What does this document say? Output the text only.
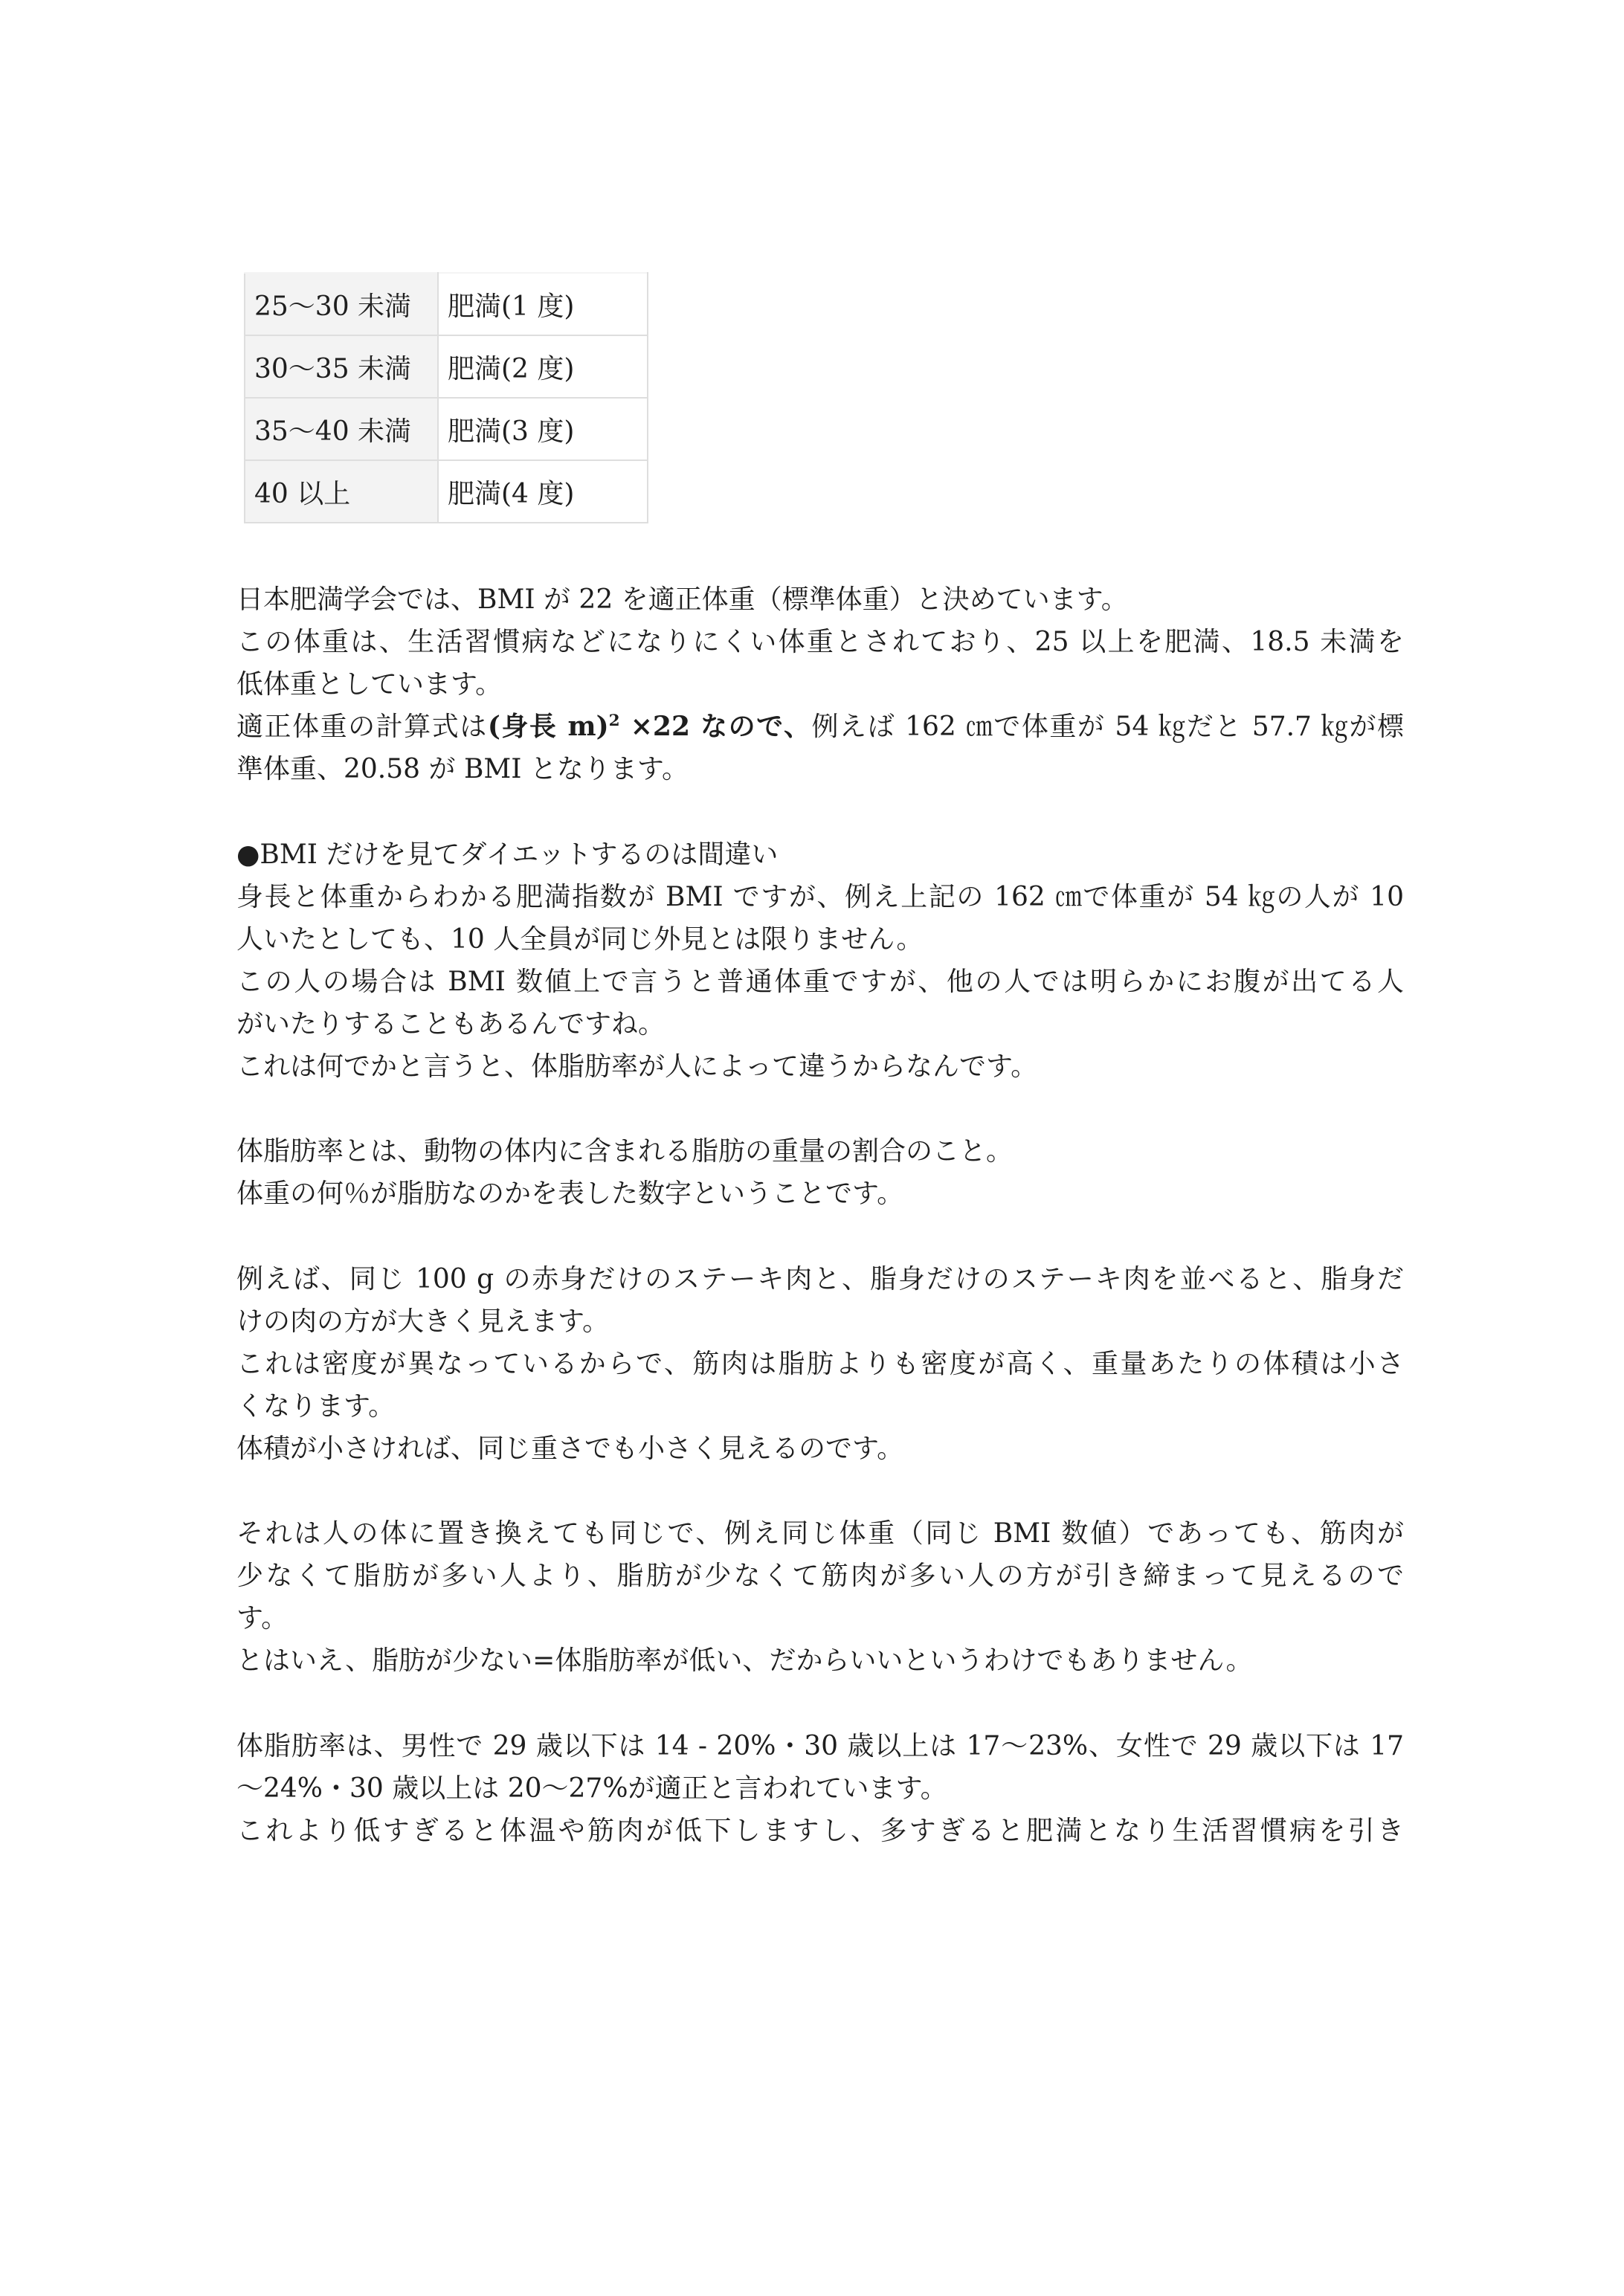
25～30 未満	肥満(1 度)
30～35 未満	肥満(2 度)
35～40 未満	肥満(3 度)
40 以上	肥満(4 度)
日本肥満学会では、BMI が 22 を適正体重（標準体重）と決めています。
この体重は、生活習慣病などになりにくい体重とされており、25 以上を肥満、18.5 未満を
低体重としています。
適正体重の計算式は(身長 m)$^2$ ×22 なので、例えば 162 ㎝で体重が 54 ㎏だと 57.7 ㎏が標
準体重、20.58 が BMI となります。
●BMI だけを見てダイエットするのは間違い
身長と体重からわかる肥満指数が BMI ですが、例え上記の 162 ㎝で体重が 54 ㎏の人が 10
人いたとしても、10 人全員が同じ外見とは限りません。
この人の場合は BMI 数値上で言うと普通体重ですが、他の人では明らかにお腹が出てる人
がいたりすることもあるんですね。
これは何でかと言うと、体脂肪率が人によって違うからなんです。
体脂肪率とは、動物の体内に含まれる脂肪の重量の割合のこと。
体重の何％が脂肪なのかを表した数字ということです。
例えば、同じ 100 g の赤身だけのステーキ肉と、脂身だけのステーキ肉を並べると、脂身だ
けの肉の方が大きく見えます。
これは密度が異なっているからで、筋肉は脂肪よりも密度が高く、重量あたりの体積は小さ
くなります。
体積が小さければ、同じ重さでも小さく見えるのです。
それは人の体に置き換えても同じで、例え同じ体重（同じ BMI 数値）であっても、筋肉が
少なくて脂肪が多い人より、脂肪が少なくて筋肉が多い人の方が引き締まって見えるので
す。
とはいえ、脂肪が少ない=体脂肪率が低い、だからいいというわけでもありません。
体脂肪率は、男性で 29 歳以下は 14 - 20%・30 歳以上は 17～23%、女性で 29 歳以下は 17
～24%・30 歳以上は 20～27%が適正と言われています。
これより低すぎると体温や筋肉が低下しますし、多すぎると肥満となり生活習慣病を引き
